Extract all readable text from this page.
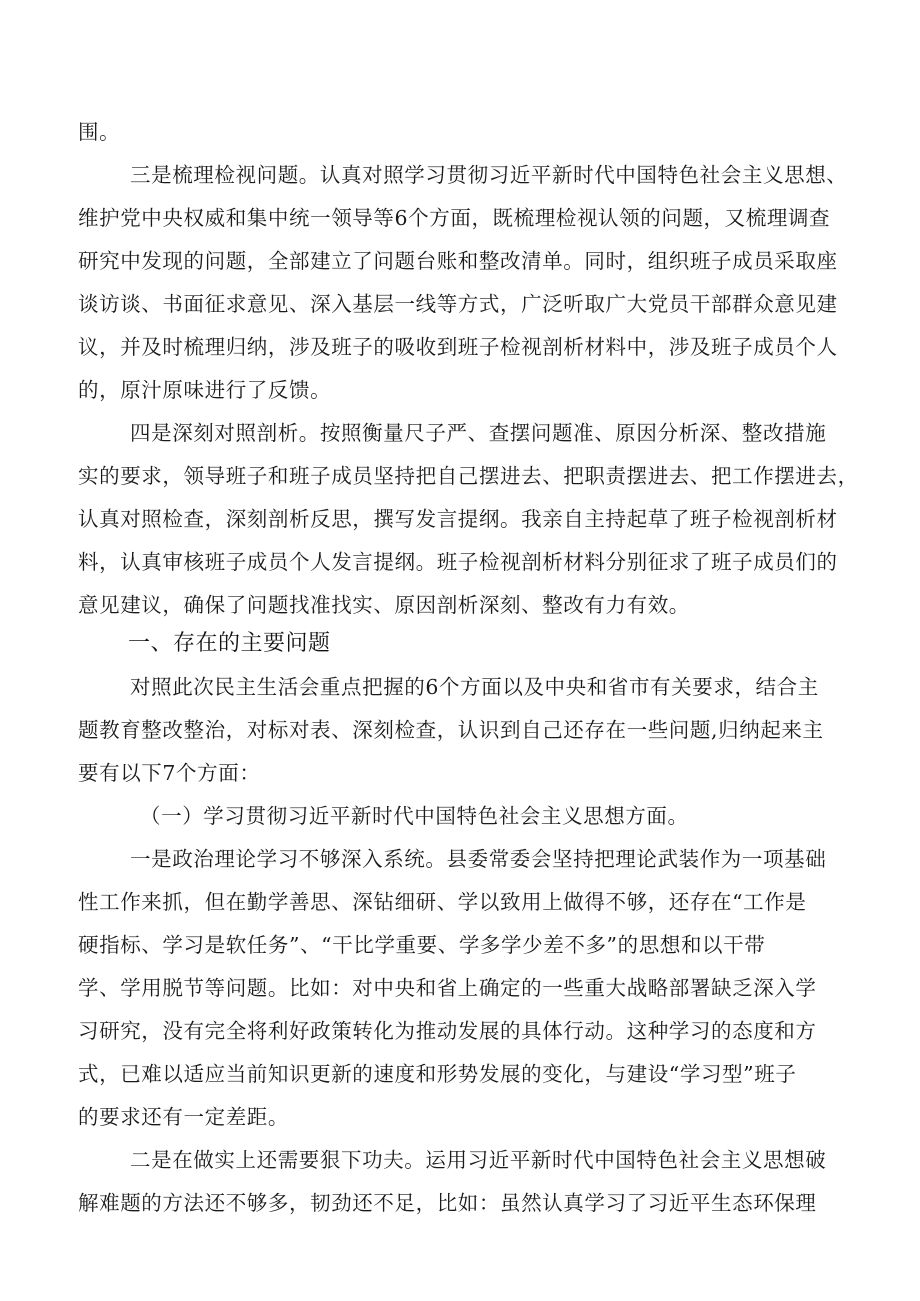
围。
三是梳理检视问题。认真对照学习贯彻习近平新时代中国特色社会主义思想、
维护党中央权威和集中统一领导等6个方面，既梳理检视认领的问题，又梳理调查
研究中发现的问题，全部建立了问题台账和整改清单。同时，组织班子成员采取座
谈访谈、书面征求意见、深入基层一线等方式，广泛听取广大党员干部群众意见建
议，并及时梳理归纳，涉及班子的吸收到班子检视剖析材料中，涉及班子成员个人
的，原汁原味进行了反馈。
四是深刻对照剖析。按照衡量尺子严、查摆问题准、原因分析深、整改措施
实的要求，领导班子和班子成员坚持把自己摆进去、把职责摆进去、把工作摆进去，
认真对照检查，深刻剖析反思，撰写发言提纲。我亲自主持起草了班子检视剖析材
料，认真审核班子成员个人发言提纲。班子检视剖析材料分别征求了班子成员们的
意见建议，确保了问题找准找实、原因剖析深刻、整改有力有效。
一、存在的主要问题
对照此次民主生活会重点把握的6个方面以及中央和省市有关要求，结合主
题教育整改整治，对标对表、深刻检查，认识到自己还存在一些问题,归纳起来主
要有以下7个方面：
（一）学习贯彻习近平新时代中国特色社会主义思想方面。
一是政治理论学习不够深入系统。县委常委会坚持把理论武装作为一项基础
性工作来抓，但在勤学善思、深钻细研、学以致用上做得不够，还存在“工作是
硬指标、学习是软任务”、“干比学重要、学多学少差不多”的思想和以干带
学、学用脱节等问题。比如：对中央和省上确定的一些重大战略部署缺乏深入学
习研究，没有完全将利好政策转化为推动发展的具体行动。这种学习的态度和方
式，已难以适应当前知识更新的速度和形势发展的变化，与建设“学习型”班子
的要求还有一定差距。
二是在做实上还需要狠下功夫。运用习近平新时代中国特色社会主义思想破
解难题的方法还不够多，韧劲还不足，比如：虽然认真学习了习近平生态环保理
